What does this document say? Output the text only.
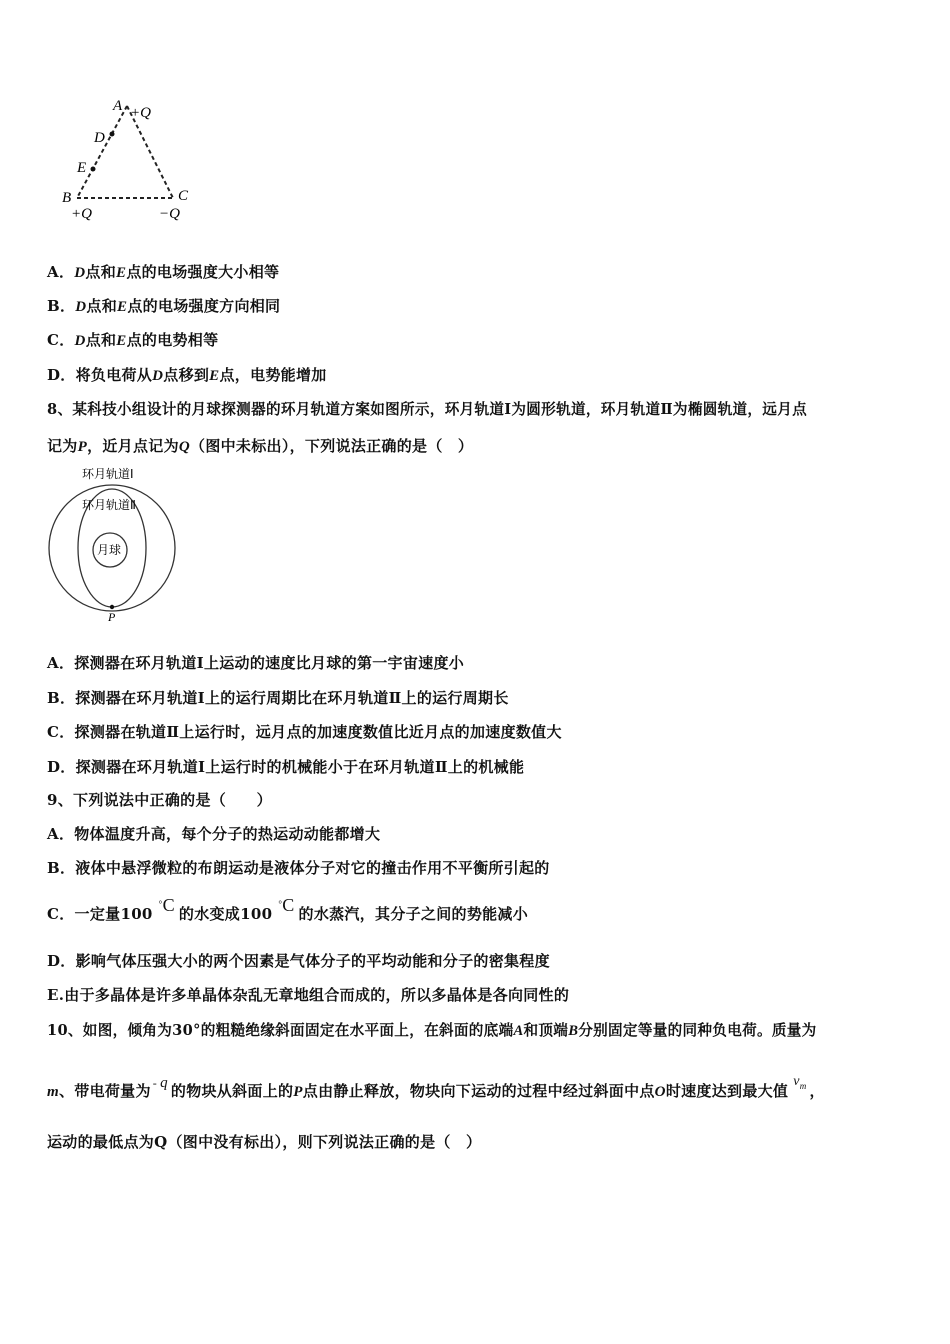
A +Q
D
E
B	C
+Q	−Q
A．D点和E点的电场强度大小相等
B．D点和E点的电场强度方向相同
C．D点和E点的电势相等
D．将负电荷从D点移到E点，电势能增加
8、某科技小组设计的月球探测器的环月轨道方案如图所示，环月轨道Ⅰ为圆形轨道，环月轨道Ⅱ为椭圆轨道，远月点
记为P，近月点记为Q（图中未标出），下列说法正确的是（　）
环月轨道Ⅰ
环月轨道Ⅱ
月球
P
A．探测器在环月轨道Ⅰ上运动的速度比月球的第一宇宙速度小
B．探测器在环月轨道Ⅰ上的运行周期比在环月轨道Ⅱ上的运行周期长
C．探测器在轨道Ⅱ上运行时，远月点的加速度数值比近月点的加速度数值大
D．探测器在环月轨道Ⅰ上运行时的机械能小于在环月轨道Ⅱ上的机械能
9、下列说法中正确的是（　　）
A．物体温度升高，每个分子的热运动动能都增大
B．液体中悬浮微粒的布朗运动是液体分子对它的撞击作用不平衡所引起的
C．一定量100°C 的水变成100°C 的水蒸汽，其分子之间的势能减小
D．影响气体压强大小的两个因素是气体分子的平均动能和分子的密集程度
E.由于多晶体是许多单晶体杂乱无章地组合而成的，所以多晶体是各向同性的
10、如图，倾角为30°的粗糙绝缘斜面固定在水平面上，在斜面的底端A和顶端B分别固定等量的同种负电荷。质量为
m、带电荷量为 - q 的物块从斜面上的P点由静止释放，物块向下运动的过程中经过斜面中点O时速度达到最大值$v^m$ ，
运动的最低点为Q（图中没有标出），则下列说法正确的是（　）
